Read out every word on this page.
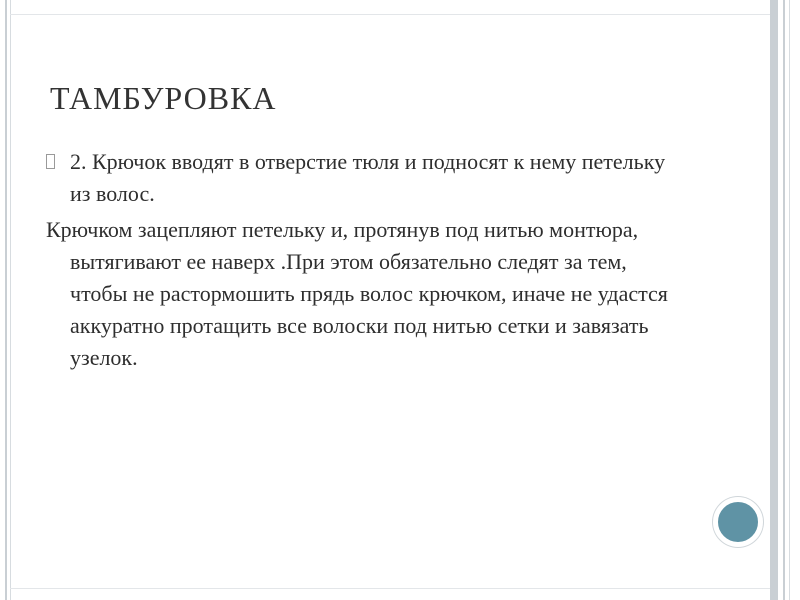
ТАМБУРОВКА
2. Крючок вводят в отверстие тюля и подносят к нему петельку из волос.
Крючком зацепляют петельку и, протянув под нитью монтюра, вытягивают ее наверх .При этом обязательно следят за тем, чтобы не растормошить прядь волос крючком, иначе не удастся аккуратно протащить все волоски под нитью сетки и завязать узелок.
